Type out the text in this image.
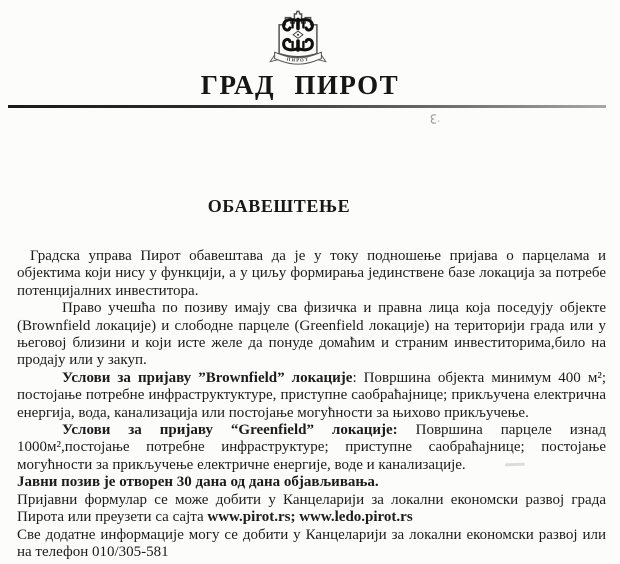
ПИРОТ
ГРАД ПИРОТ
ОБАВЕШТЕЊЕ

Градска управа Пирот обавештава да је у току подношење пријава о парцелама и објектима који нису у функцији, а у циљу формирања јединствене базе локација за потребе потенцијалних инвеститора.

Право учешћа по позиву имају сва физичка и правна лица која поседују објекте (Brownfield локације) и слободне парцеле (Greenfield локације) на територији града или у његовој близини и који исте желе да понуде домаћим и страним инвеститорима,било на продају или у закуп.

Услови за пријаву ”Brownfield” локације: Површина објекта минимум 400 м²; постојање потребне инфраструктуктуре, приступне саобраћајнице; прикључена електрична енергија, вода, канализација или постојање могућности за њихово прикључење.

Услови за пријаву “Greenfield” локације: Површина парцеле изнад 1000м²,постојање потребне инфраструктуре; приступне саобраћајнице; постојање могућности за прикључење електричне енергије, воде и канализације.

Јавни позив је отворен 30 дана од дана објављивања.

Пријавни формулар се може добити у Канцеларији за локални економски развој града Пирота или преузети са сајта www.pirot.rs; www.ledo.pirot.rs

Све додатне информације могу се добити у Канцеларији за локални економски развој или на телефон 010/305-581
